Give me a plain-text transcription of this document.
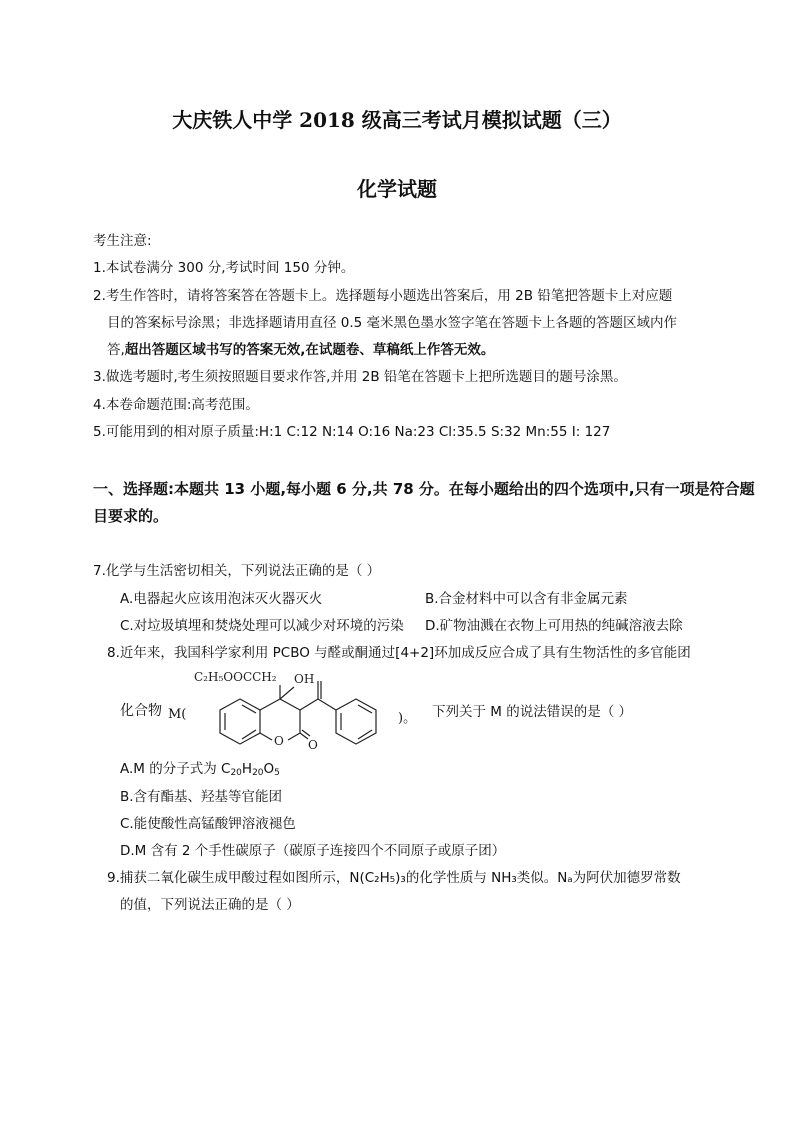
大庆铁人中学 2018 级高三考试月模拟试题（三）
化学试题
考生注意:
1.本试卷满分 300 分,考试时间 150 分钟。
2.考生作答时，请将答案答在答题卡上。选择题每小题选出答案后，用 2B 铅笔把答题卡上对应题
目的答案标号涂黑；非选择题请用直径 0.5 毫米黑色墨水签字笔在答题卡上各题的答题区域内作
答,超出答题区域书写的答案无效,在试题卷、草稿纸上作答无效。
3.做选考题时,考生须按照题目要求作答,并用 2B 铅笔在答题卡上把所选题目的题号涂黑。
4.本卷命题范围:高考范围。
5.可能用到的相对原子质量:H:1 C:12 N:14 O:16 Na:23 Cl:35.5 S:32 Mn:55 I: 127
一、选择题:本题共 13 小题,每小题 6 分,共 78 分。在每小题给出的四个选项中,只有一项是符合题
目要求的。
7.化学与生活密切相关，下列说法正确的是（ ）
A.电器起火应该用泡沫灭火器灭火	B.合金材料中可以含有非金属元素
C.对垃圾填埋和焚烧处理可以减少对环境的污染 D.矿物油溅在衣物上可用热的纯碱溶液去除
8.近年来，我国科学家利用 PCBO 与醛或酮通过[4+2]环加成反应合成了具有生物活性的多官能团
化合物 M(
C₂H₅OOCCH₂ OH
O O
)。 下列关于 M 的说法错误的是（ ）
A.M 的分子式为 $C_{20}H_{20}O_5$
B.含有酯基、羟基等官能团
C.能使酸性高锰酸钾溶液褪色
D.M 含有 2 个手性碳原子（碳原子连接四个不同原子或原子团）
9.捕获二氧化碳生成甲酸过程如图所示，N(C₂H₅)₃的化学性质与 NH₃类似。Nₐ为阿伏加德罗常数
的值，下列说法正确的是（ ）
